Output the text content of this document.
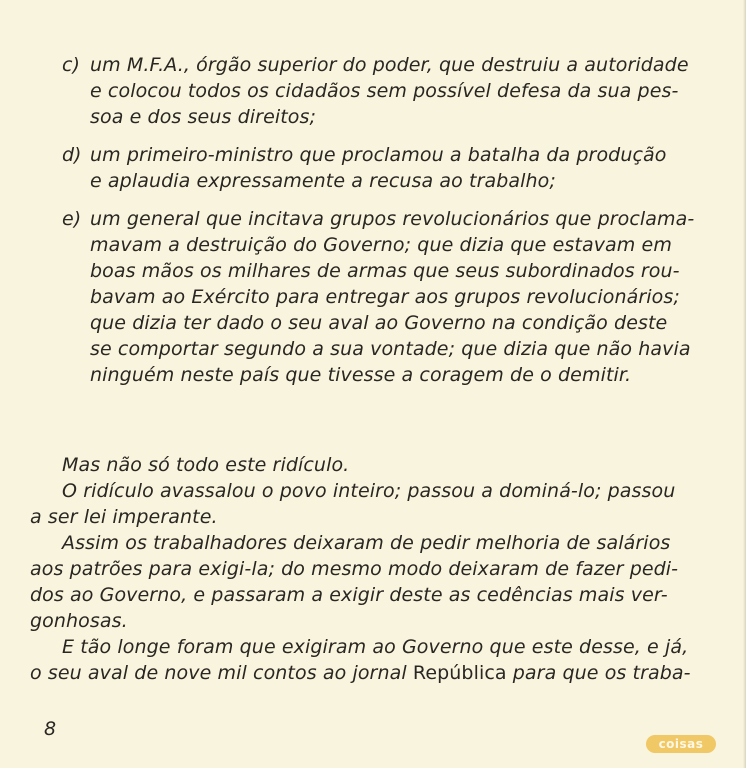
c) um M.F.A., órgão superior do poder, que destruiu a autoridade
e colocou todos os cidadãos sem possível defesa da sua pes-
soa e dos seus direitos;
d) um primeiro-ministro que proclamou a batalha da produção
e aplaudia expressamente a recusa ao trabalho;
e) um general que incitava grupos revolucionários que proclama-
mavam a destruição do Governo; que dizia que estavam em
boas mãos os milhares de armas que seus subordinados rou-
bavam ao Exército para entregar aos grupos revolucionários;
que dizia ter dado o seu aval ao Governo na condição deste
se comportar segundo a sua vontade; que dizia que não havia
ninguém neste país que tivesse a coragem de o demitir.
Mas não só todo este ridículo.
O ridículo avassalou o povo inteiro; passou a dominá-lo; passou
a ser lei imperante.
Assim os trabalhadores deixaram de pedir melhoria de salários
aos patrões para exigi-la; do mesmo modo deixaram de fazer pedi-
dos ao Governo, e passaram a exigir deste as cedências mais ver-
gonhosas.
E tão longe foram que exigiram ao Governo que este desse, e já,
o seu aval de nove mil contos ao jornal República para que os traba-
8
coisas
